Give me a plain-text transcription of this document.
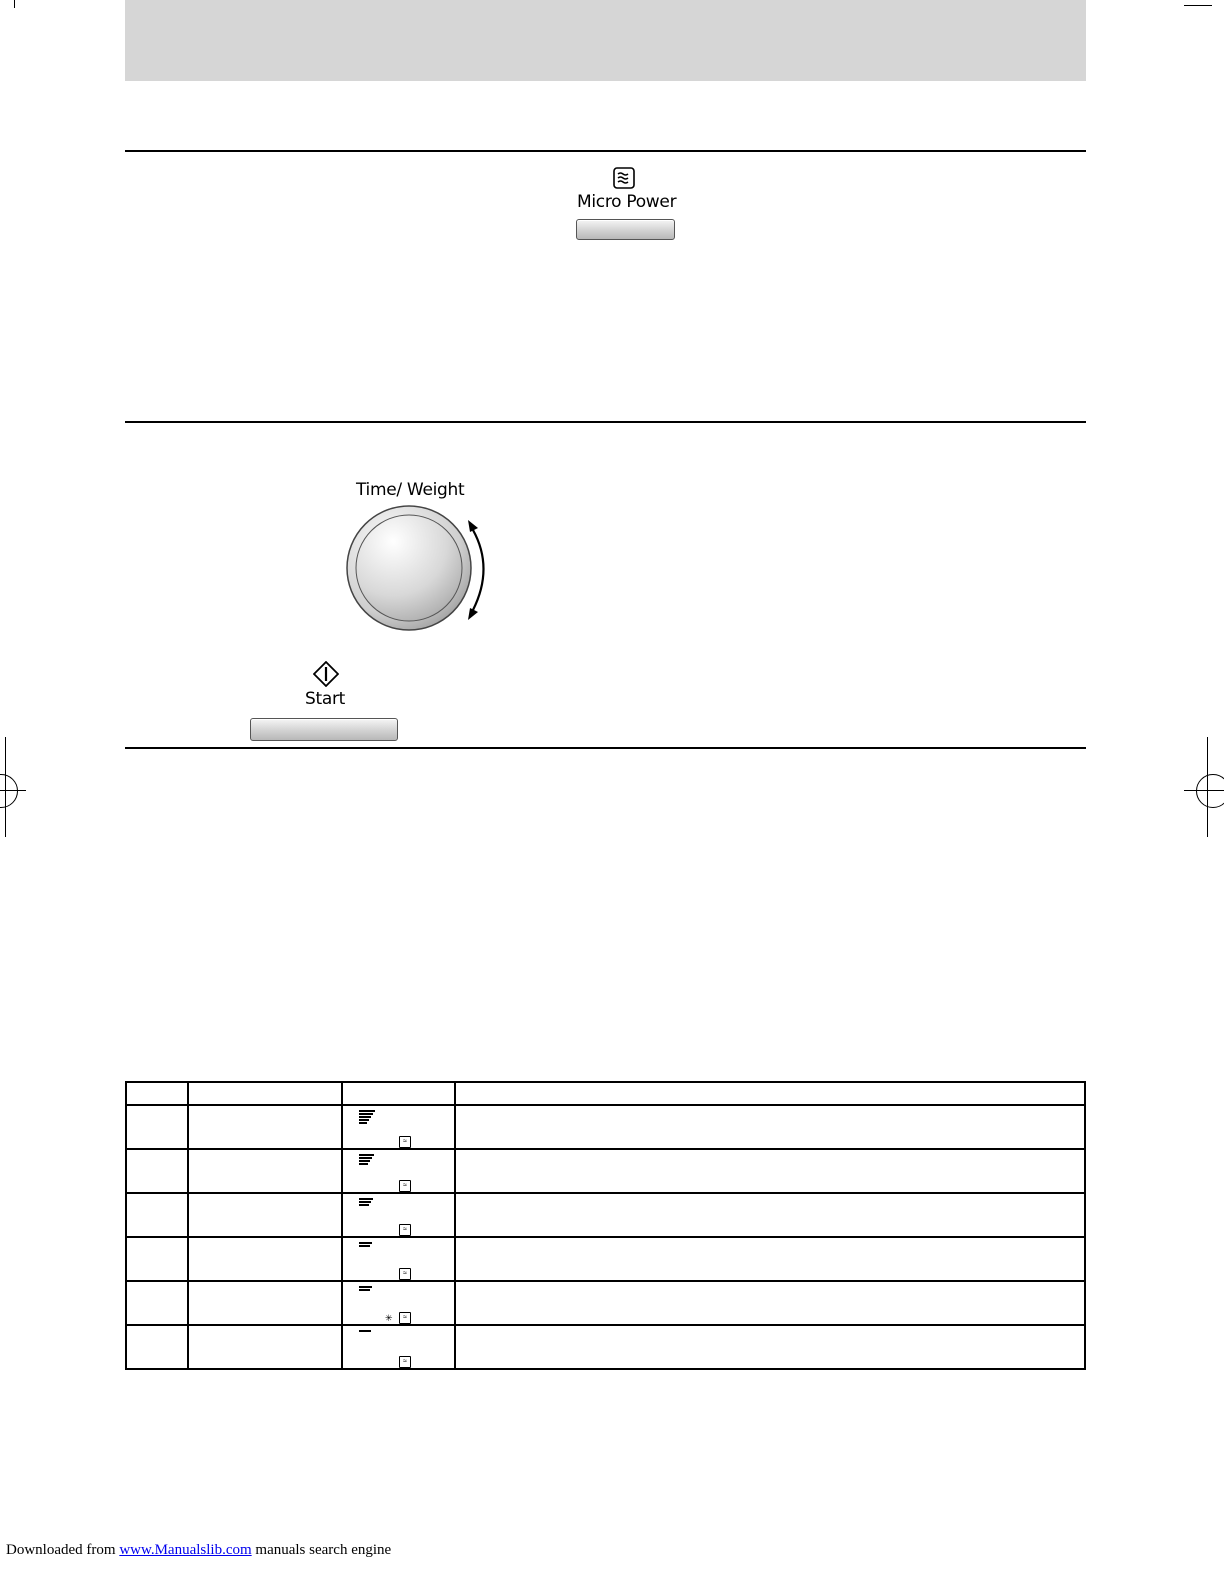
Micro Power
Time/ Weight
Start

		≈	

		≈	

		≈	

		≈	

		✳ ≈	

		≈	

Downloaded from www.Manualslib.com manuals search engine
